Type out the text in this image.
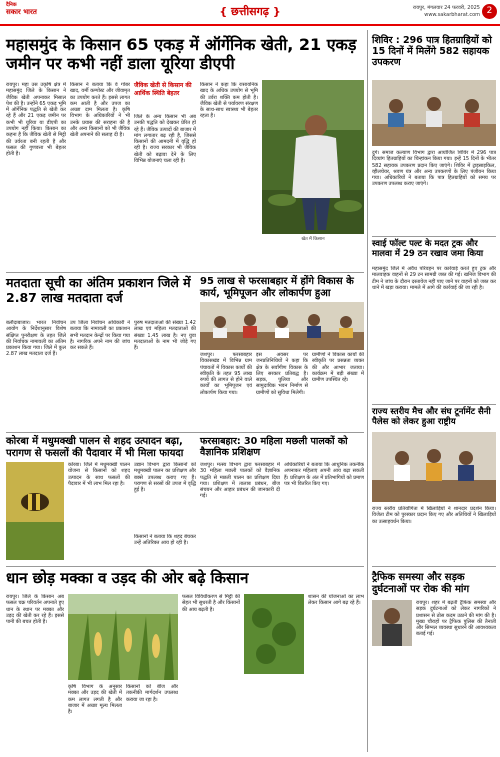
दैनिक
सकार भारत	{ छत्तीसगढ़ }	रायपुर, मंगलवार 24 फरवरी, 2025
www.sakarbharat.com 2
महासमुंद के किसान 65 एकड़ में ऑर्गेनिक खेती, 21 एकड़ जमीन पर कभी नहीं डाला यूरिया डीएपी
रायपुर। महा उस उकृषि क्षेत्र में महासमुंद जिले के किसान ने जैविक खेती अपनाकर मिसाल पेश की है। उन्होंने 65 एकड़ भूमि में ऑर्गेनिक पद्धति से खेती कर रहे हैं और 21 एकड़ जमीन पर कभी भी यूरिया या डीएपी का उपयोग नहीं किया। किसान का कहना है कि जैविक खेती से मिट्टी की उर्वरता बनी रहती है और फसल की गुणवत्ता भी बेहतर होती है।
किसान ने बताया कि वे गोबर खाद, वर्मी कम्पोस्ट और जीवामृत का उपयोग करते हैं। इससे लागत कम आती है और उपज का अच्छा दाम मिलता है। कृषि विभाग के अधिकारियों ने भी उनके प्रयास की सराहना की है और अन्य किसानों को भी जैविक खेती अपनाने की सलाह दी है।
जैविक खेती से किसान की आर्थिक स्थिति बेहतर
जिले के अन्य किसान भी अब उनकी पद्धति को देखकर प्रेरित हो रहे हैं। जैविक उत्पादों की बाजार में मांग लगातार बढ़ रही है, जिससे किसानों की आमदनी में वृद्धि हो रही है। राज्य सरकार भी जैविक खेती को बढ़ावा देने के लिए विभिन्न योजनाएं चला रही है।
किसान ने कहा कि रासायनिक खाद के अधिक उपयोग से भूमि की उर्वरा शक्ति कम होती है। जैविक खेती से पर्यावरण संरक्षण के साथ-साथ स्वास्थ्य भी बेहतर रहता है।
खेत में किसान
मतदाता सूची का अंतिम प्रकाशन जिले में 2.87 लाख मतदाता दर्ज
बलौदाबाजार। भारत निर्वाचन आयोग के निर्देशानुसार विशेष संक्षिप्त पुनरीक्षण के तहत जिले की निर्वाचक नामावली का अंतिम प्रकाशन किया गया। जिले में कुल 2.87 लाख मतदाता दर्ज हैं।
उप जिला निर्वाचन अधिकारी ने बताया कि नामावली का प्रकाशन सभी मतदान केन्द्रों पर किया गया है। नागरिक अपने नाम की जांच कर सकते हैं।
पुरुष मतदाताओं की संख्या 1.42 लाख एवं महिला मतदाताओं की संख्या 1.45 लाख है। नए युवा मतदाताओं के नाम भी जोड़े गए हैं।
95 लाख से फरसाबहार में होंगे विकास के कार्य, भूमिपूजन और लोकार्पण हुआ
जशपुर। फरसाबहार विकासखंड में विभिन्न ग्राम पंचायतों में विकास कार्यों की स्वीकृति के तहत 95 लाख रुपये की लागत से होने वाले कार्यों का भूमिपूजन एवं लोकार्पण किया गया।
इस अवसर पर जनप्रतिनिधियों ने कहा कि क्षेत्र के सर्वांगीण विकास के लिए सरकार प्रतिबद्ध है। सड़क, पुलिया और सामुदायिक भवन निर्माण से ग्रामीणों को सुविधा मिलेगी।
ग्रामीणों ने विकास कार्यों की स्वीकृति पर प्रसन्नता व्यक्त की और आभार जताया। कार्यक्रम में बड़ी संख्या में ग्रामीण उपस्थित रहे।
कोरबा में मधुमक्खी पालन से शहद उत्पादन बढ़ा, परागण से फसलों की पैदावार में भी मिला फायदा
कोरबा। जिले में मधुमक्खी पालन योजना से किसानों को शहद उत्पादन के साथ फसलों की पैदावार में भी लाभ मिल रहा है।
उद्यान विभाग द्वारा किसानों को मधुमक्खी पालन का प्रशिक्षण और बक्से उपलब्ध कराए गए हैं। परागण से सरसों की उपज में वृद्धि हुई है।
किसानों ने बताया कि शहद बेचकर उन्हें अतिरिक्त आय हो रही है।
फरसाबहार: 30 महिला मछली पालकों को वैज्ञानिक प्रशिक्षण
जशपुर। मत्स्य विभाग द्वारा फरसाबहार में 30 महिला मछली पालकों को वैज्ञानिक पद्धति से मछली पालन का प्रशिक्षण दिया गया। प्रशिक्षण में तालाब प्रबंधन, बीज संचयन और आहार प्रबंधन की जानकारी दी गई।
अधिकारियों ने बताया कि आधुनिक तकनीक अपनाकर महिलाएं अपनी आय बढ़ा सकती हैं। प्रशिक्षण के अंत में प्रतिभागियों को प्रमाण पत्र भी वितरित किए गए।
धान छोड़ मक्का व उड़द की ओर बढ़े किसान
रायपुर। जिले के किसान अब फसल चक्र परिवर्तन अपनाते हुए धान के स्थान पर मक्का और उड़द की खेती कर रहे हैं। इससे पानी की बचत होती है।
कृषि विभाग के अनुसार मक्का और उड़द की खेती में कम लागत लगती है और बाजार में अच्छा मूल्य मिलता है।
किसानों को बीज और तकनीकी मार्गदर्शन उपलब्ध कराया जा रहा है।
फसल विविधीकरण से मिट्टी की सेहत भी सुधरती है और किसानों की आय बढ़ती है।
शासन की योजनाओं का लाभ लेकर किसान आगे बढ़ रहे हैं।
शिविर : 296 पात्र हितग्राहियों को 15 दिनों में मिलेंगे 582 सहायक उपकरण
दुर्ग। समाज कल्याण विभाग द्वारा आयोजित शिविर में 296 पात्र दिव्यांग हितग्राहियों का चिन्हांकन किया गया। इन्हें 15 दिनों के भीतर 582 सहायक उपकरण प्रदान किए जाएंगे। शिविर में ट्राइसाइकिल, व्हीलचेयर, श्रवण यंत्र और अन्य उपकरणों के लिए पंजीयन किया गया। अधिकारियों ने बताया कि पात्र हितग्राहियों को समय पर उपकरण उपलब्ध कराए जाएंगे।
स्वाई फॉल्ट पल्ट के मदत ट्रक और मालवा में 29 ठन रखाव जमा किया
महासमुंद जिले में अवैध परिवहन पर कार्रवाई करते हुए ट्रक और मालवाहक वाहनों से 29 टन सामग्री जब्त की गई। खनिज विभाग की टीम ने जांच के दौरान दस्तावेज नहीं पाए जाने पर वाहनों को जब्त कर थाने में खड़ा कराया। मामले में आगे की कार्रवाई की जा रही है।
राज्य स्तरीय मैच और संघ टूर्नामेंट सैनी पैलेस को लेकर हुआ राष्ट्रीय
राज्य स्तरीय प्रतियोगिता में खिलाड़ियों ने शानदार प्रदर्शन किया। विजेता टीम को पुरस्कार प्रदान किए गए और अतिथियों ने खिलाड़ियों का उत्साहवर्धन किया।
ट्रैफिक समस्या और सड़क दुर्घटनाओं पर रोक की मांग
रायपुर। शहर में बढ़ती ट्रैफिक समस्या और सड़क दुर्घटनाओं को लेकर नागरिकों ने प्रशासन से ठोस कदम उठाने की मांग की है। मुख्य चौराहों पर ट्रैफिक पुलिस की तैनाती और सिग्नल व्यवस्था सुधारने की आवश्यकता बताई गई।
